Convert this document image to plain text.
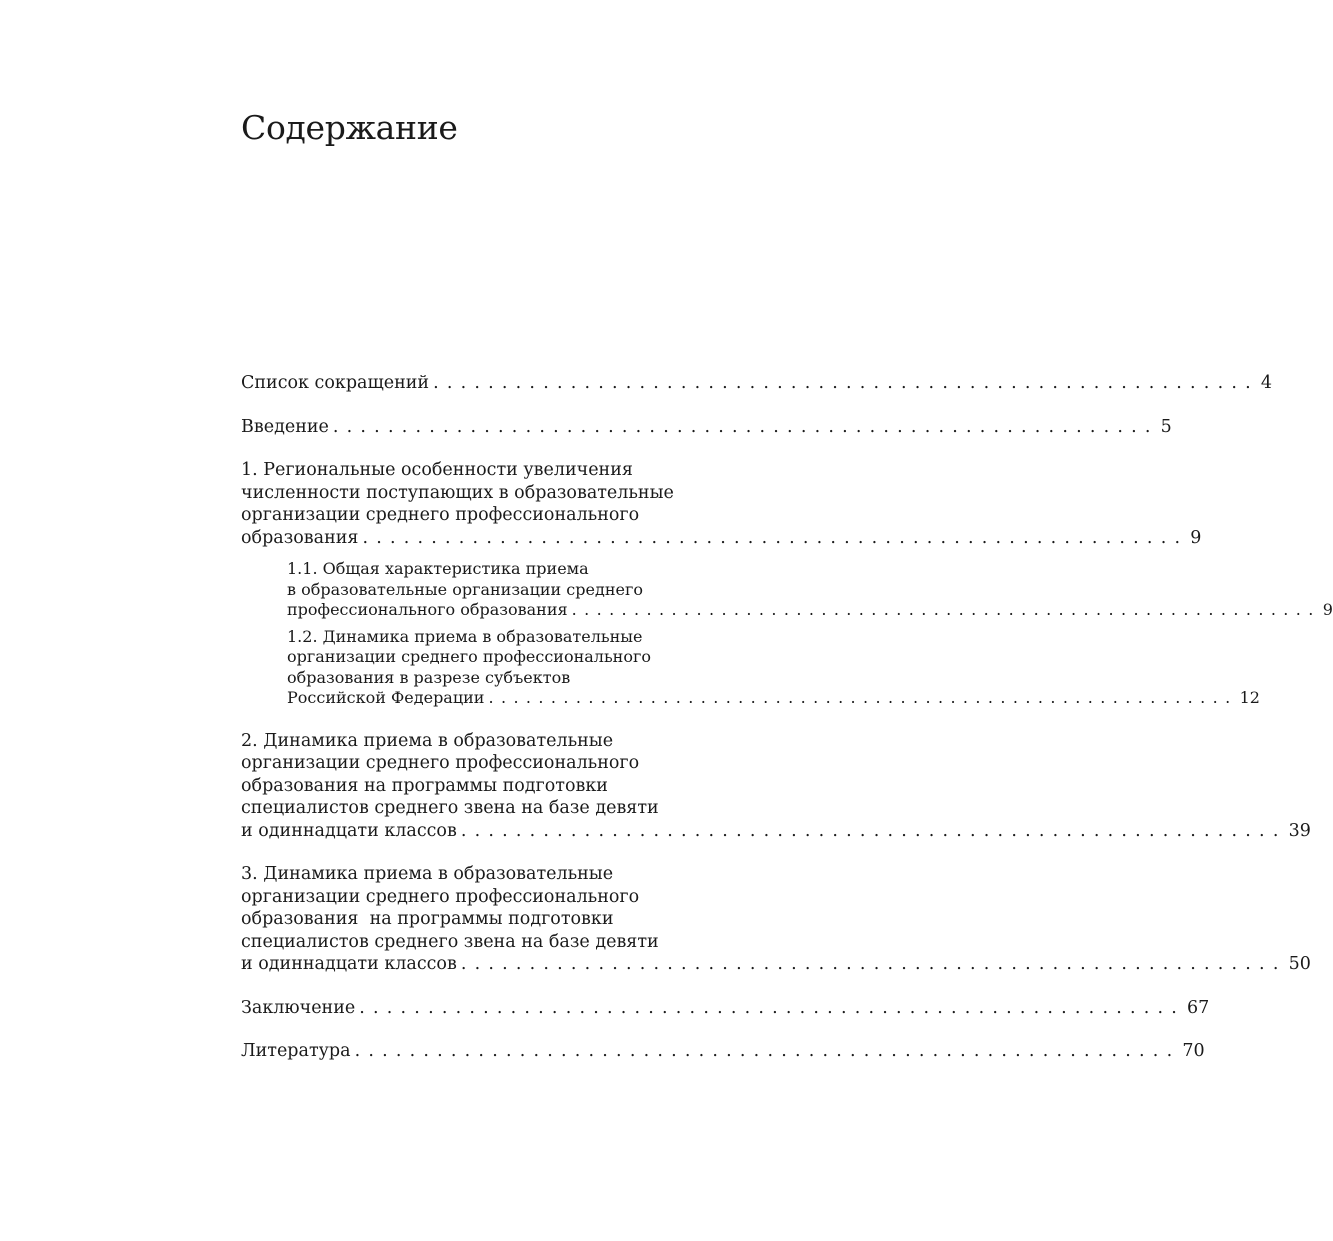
Содержание
Список сокращений ............................................................ 4
Введение ............................................................ 5
1. Региональные особенности увеличения
численности поступающих в образовательные
организации среднего профессионального
образования ............................................................ 9
1.1. Общая характеристика приема
в образовательные организации среднего
профессионального образования ............................................................ 9
1.2. Динамика приема в образовательные
организации среднего профессионального
образования в разрезе субъектов
Российской Федерации ............................................................ 12
2. Динамика приема в образовательные
организации среднего профессионального
образования на программы подготовки
специалистов среднего звена на базе девяти
и одиннадцати классов ............................................................ 39
3. Динамика приема в образовательные
организации среднего профессионального
образования  на программы подготовки
специалистов среднего звена на базе девяти
и одиннадцати классов ............................................................ 50
Заключение ............................................................ 67
Литература ............................................................ 70
